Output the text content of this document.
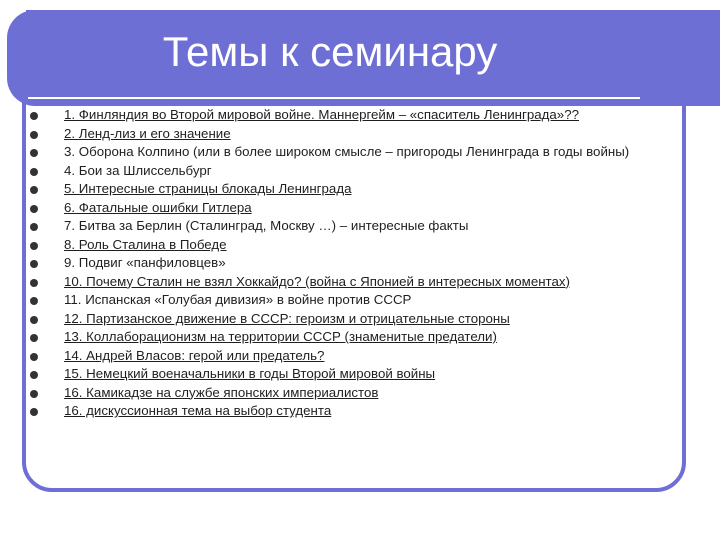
Темы к семинару
1. Финляндия во Второй мировой войне. Маннергейм – «спаситель Ленинграда»??
2. Ленд-лиз и его значение
3. Оборона Колпино (или в более широком смысле – пригороды Ленинграда в годы войны)
4. Бои за Шлиссельбург
5. Интересные страницы блокады Ленинграда
6. Фатальные ошибки Гитлера
7. Битва за Берлин (Сталинград, Москву …) – интересные факты
8. Роль Сталина в Победе
9. Подвиг «панфиловцев»
10. Почему Сталин не взял Хоккайдо? (война с Японией в интересных моментах)
11. Испанская «Голубая дивизия» в войне против СССР
12. Партизанское движение в СССР: героизм и отрицательные стороны
13. Коллаборационизм на территории СССР (знаменитые предатели)
14. Андрей Власов: герой или предатель?
15. Немецкий военачальники в годы Второй мировой войны
16. Камикадзе на службе японских империалистов
16. дискуссионная тема на выбор студента
